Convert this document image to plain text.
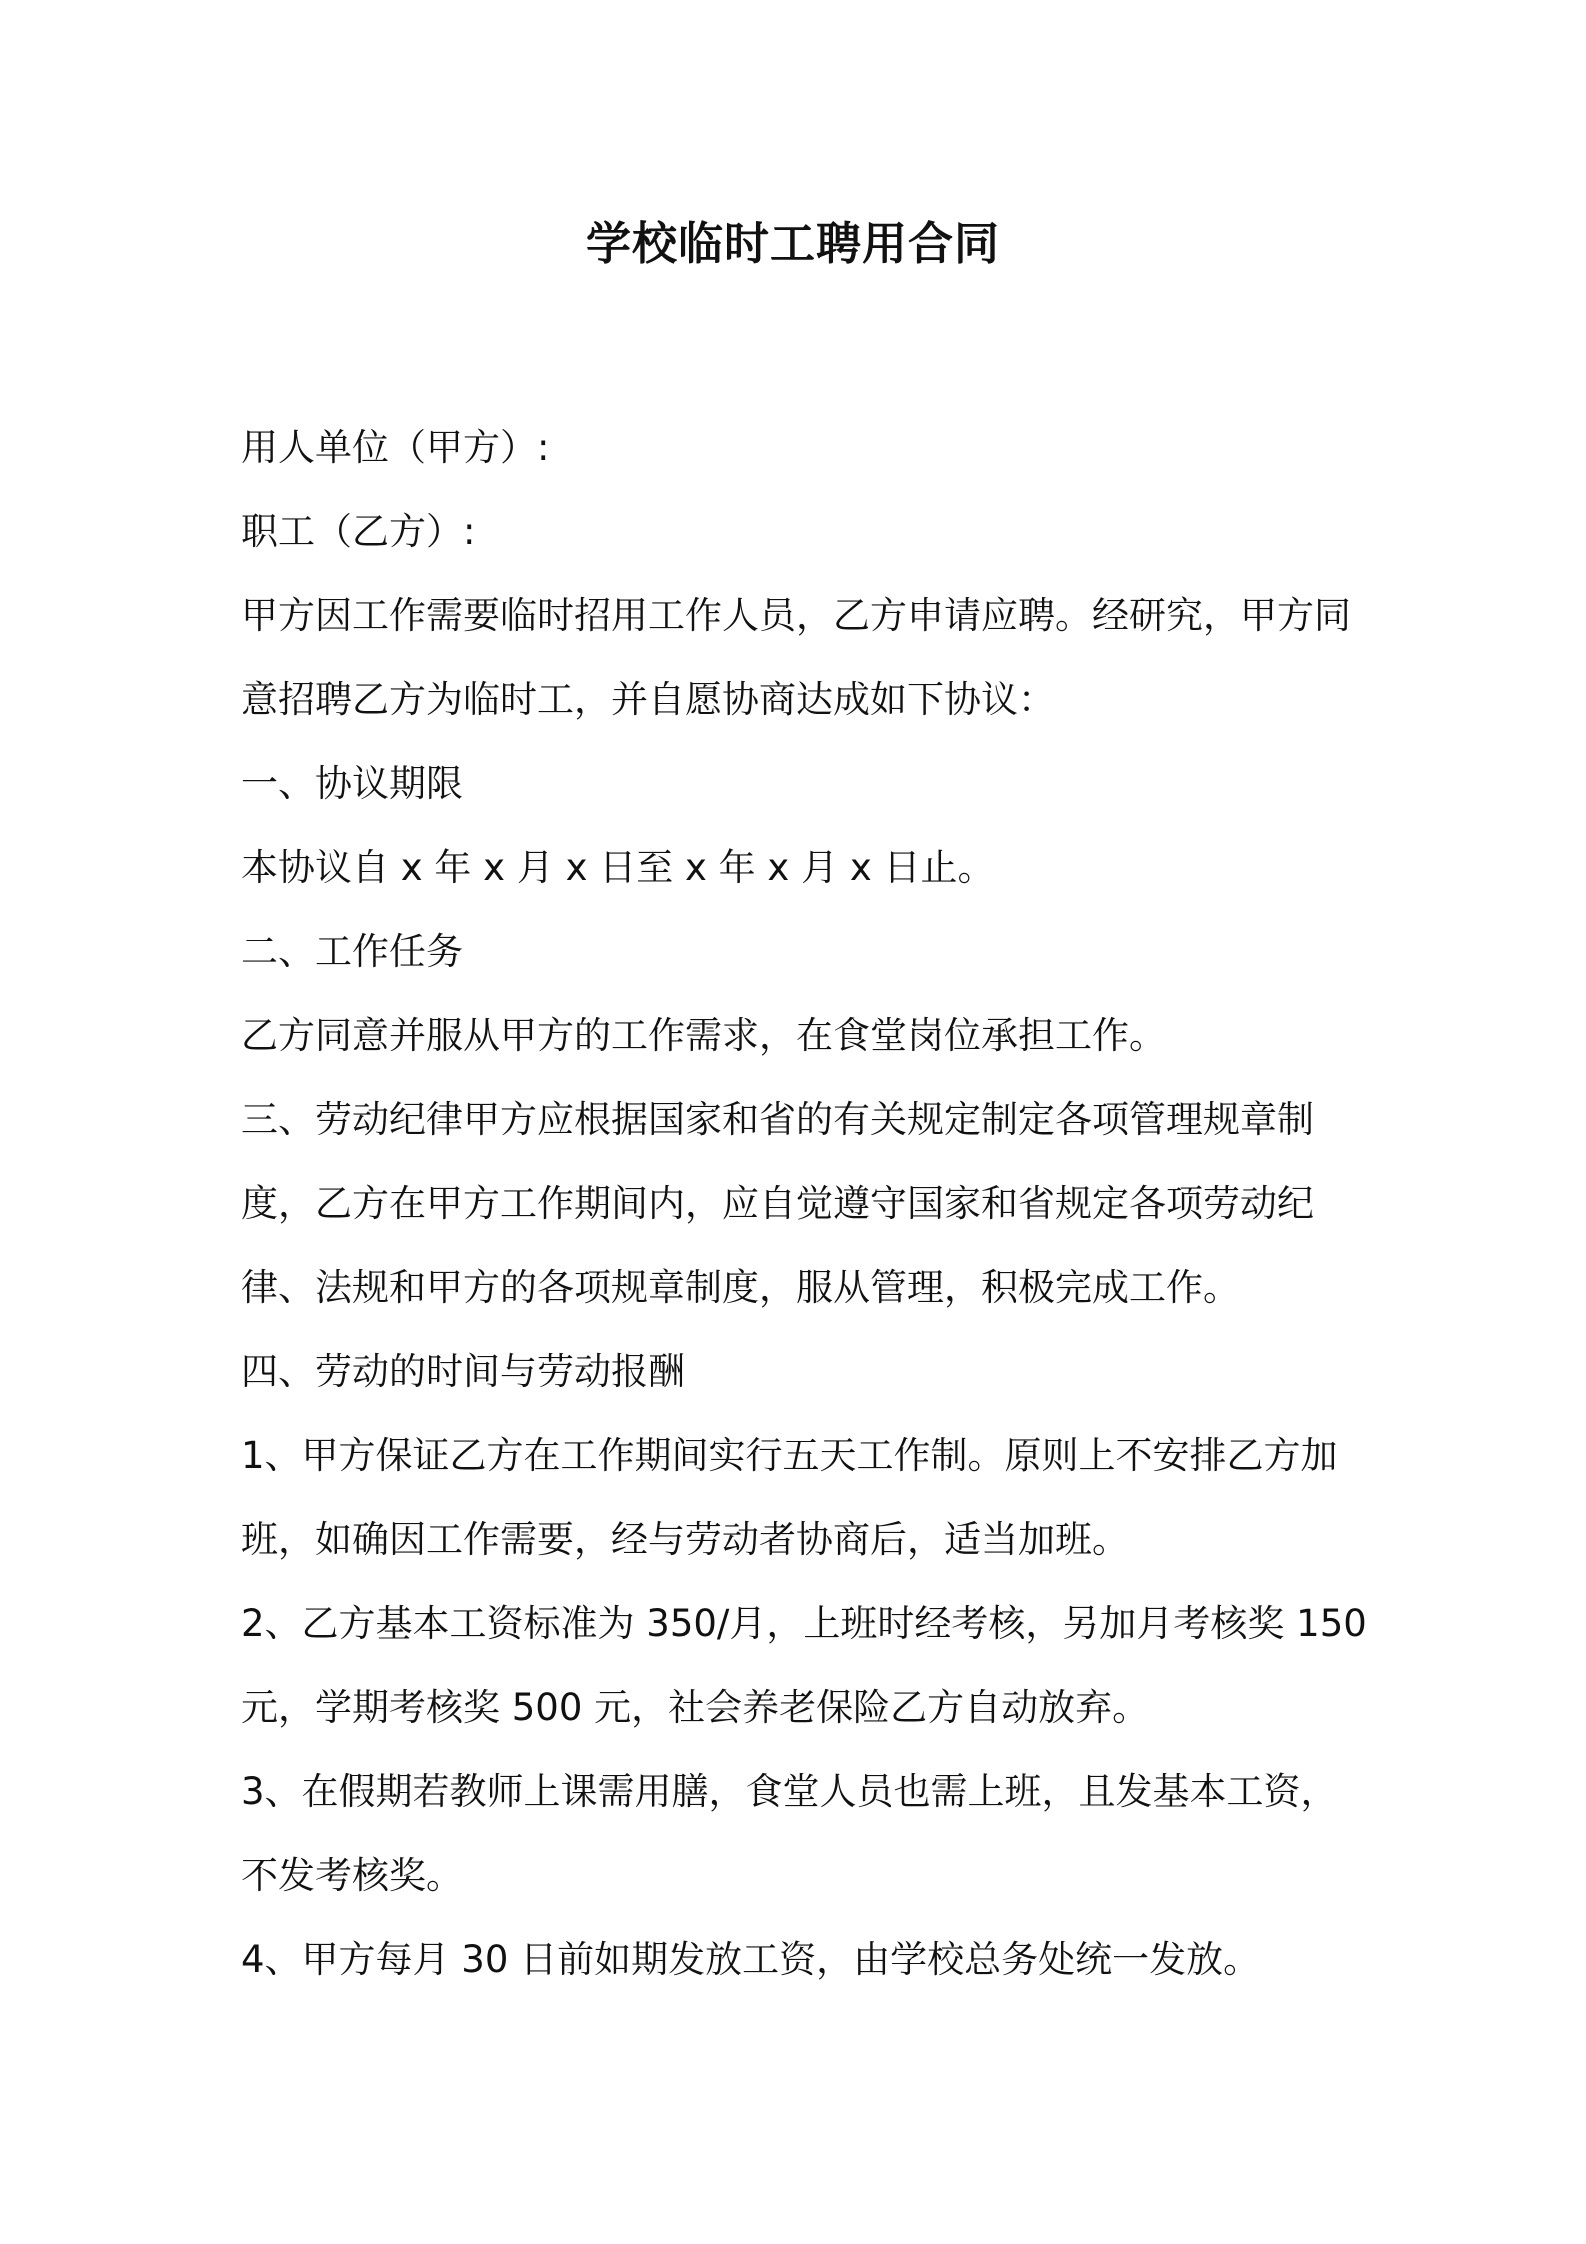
学校临时工聘用合同

用人单位（甲方）:

职工（乙方）:

甲方因工作需要临时招用工作人员，乙方申请应聘。经研究，甲方同意招聘乙方为临时工，并自愿协商达成如下协议：

一、协议期限

本协议自 x 年 x 月 x 日至 x 年 x 月 x 日止。

二、工作任务

乙方同意并服从甲方的工作需求，在食堂岗位承担工作。

三、劳动纪律甲方应根据国家和省的有关规定制定各项管理规章制度，乙方在甲方工作期间内，应自觉遵守国家和省规定各项劳动纪律、法规和甲方的各项规章制度，服从管理，积极完成工作。

四、劳动的时间与劳动报酬

1、甲方保证乙方在工作期间实行五天工作制。原则上不安排乙方加班，如确因工作需要，经与劳动者协商后，适当加班。

2、乙方基本工资标准为 350/月，上班时经考核，另加月考核奖 150 元，学期考核奖 500 元，社会养老保险乙方自动放弃。

3、在假期若教师上课需用膳，食堂人员也需上班，且发基本工资，不发考核奖。

4、甲方每月 30 日前如期发放工资，由学校总务处统一发放。
